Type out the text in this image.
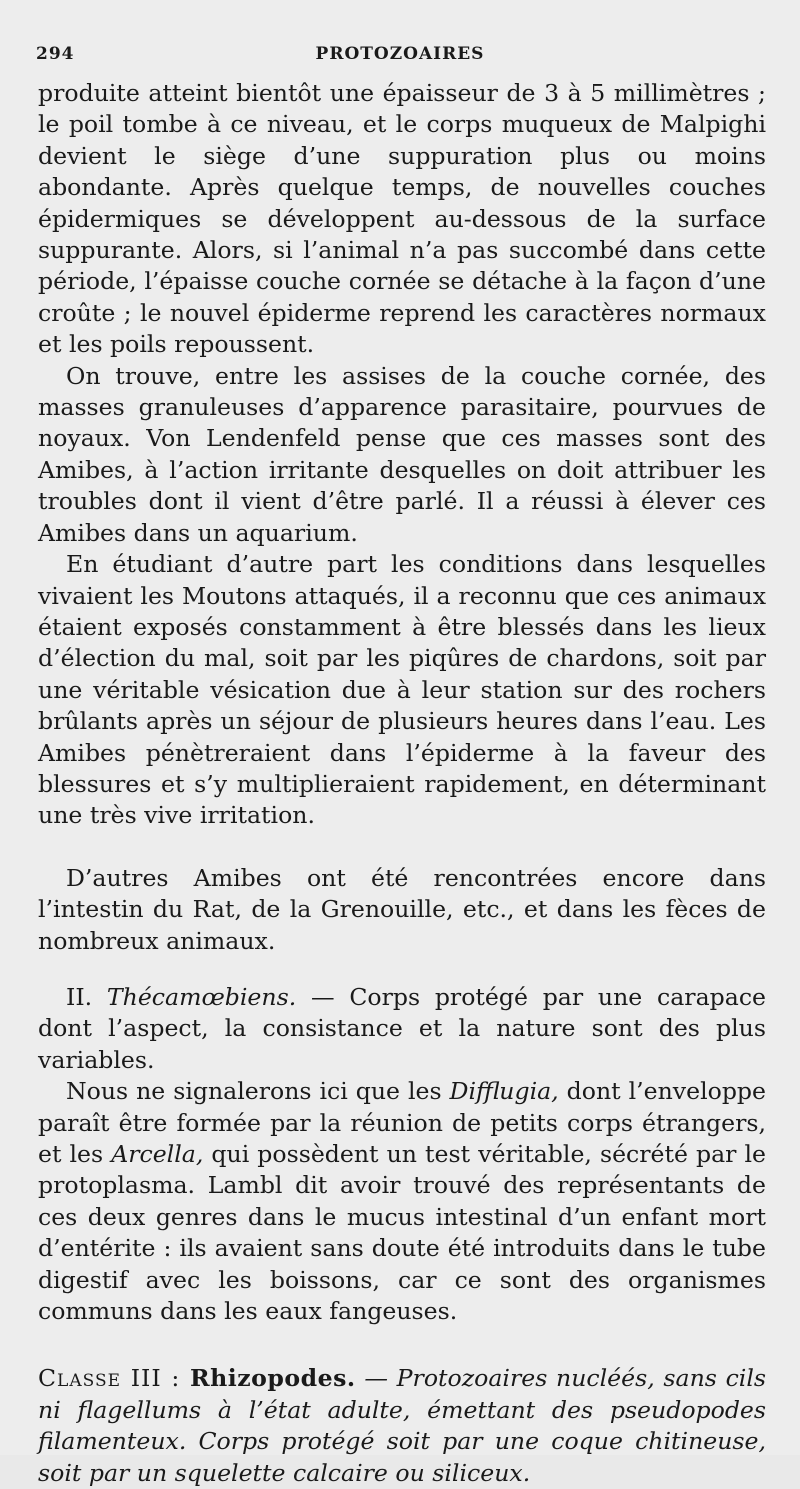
294	PROTOZOAIRES

produite atteint bientôt une épaisseur de 3 à 5 millimètres ; le poil tombe à ce niveau, et le corps muqueux de Malpighi devient le siège d’une suppuration plus ou moins abondante. Après quelque temps, de nouvelles couches épidermiques se développent au-dessous de la surface suppurante. Alors, si l’animal n’a pas succombé dans cette période, l’épaisse couche cornée se détache à la façon d’une croûte ; le nouvel épiderme reprend les caractères normaux et les poils repoussent.

On trouve, entre les assises de la couche cornée, des masses granuleuses d’apparence parasitaire, pourvues de noyaux. Von Lendenfeld pense que ces masses sont des Amibes, à l’action irritante desquelles on doit attribuer les troubles dont il vient d’être parlé. Il a réussi à élever ces Amibes dans un aquarium.

En étudiant d’autre part les conditions dans lesquelles vivaient les Moutons attaqués, il a reconnu que ces animaux étaient exposés constamment à être blessés dans les lieux d’élection du mal, soit par les piqûres de chardons, soit par une véritable vésication due à leur station sur des rochers brûlants après un séjour de plusieurs heures dans l’eau. Les Amibes pénètreraient dans l’épiderme à la faveur des blessures et s’y multiplieraient rapidement, en déterminant une très vive irritation.

D’autres Amibes ont été rencontrées encore dans l’intestin du Rat, de la Grenouille, etc., et dans les fèces de nombreux animaux.

II. Thécamœbiens. — Corps protégé par une carapace dont l’aspect, la consistance et la nature sont des plus variables.

Nous ne signalerons ici que les Difflugia, dont l’enveloppe paraît être formée par la réunion de petits corps étrangers, et les Arcella, qui possèdent un test véritable, sécrété par le protoplasma. Lambl dit avoir trouvé des représentants de ces deux genres dans le mucus intestinal d’un enfant mort d’entérite : ils avaient sans doute été introduits dans le tube digestif avec les boissons, car ce sont des organismes communs dans les eaux fangeuses.

Classe III : Rhizopodes. — Protozoaires nucléés, sans cils ni flagellums à l’état adulte, émettant des pseudopodes filamenteux. Corps protégé soit par une coque chitineuse, soit par un squelette calcaire ou siliceux.
